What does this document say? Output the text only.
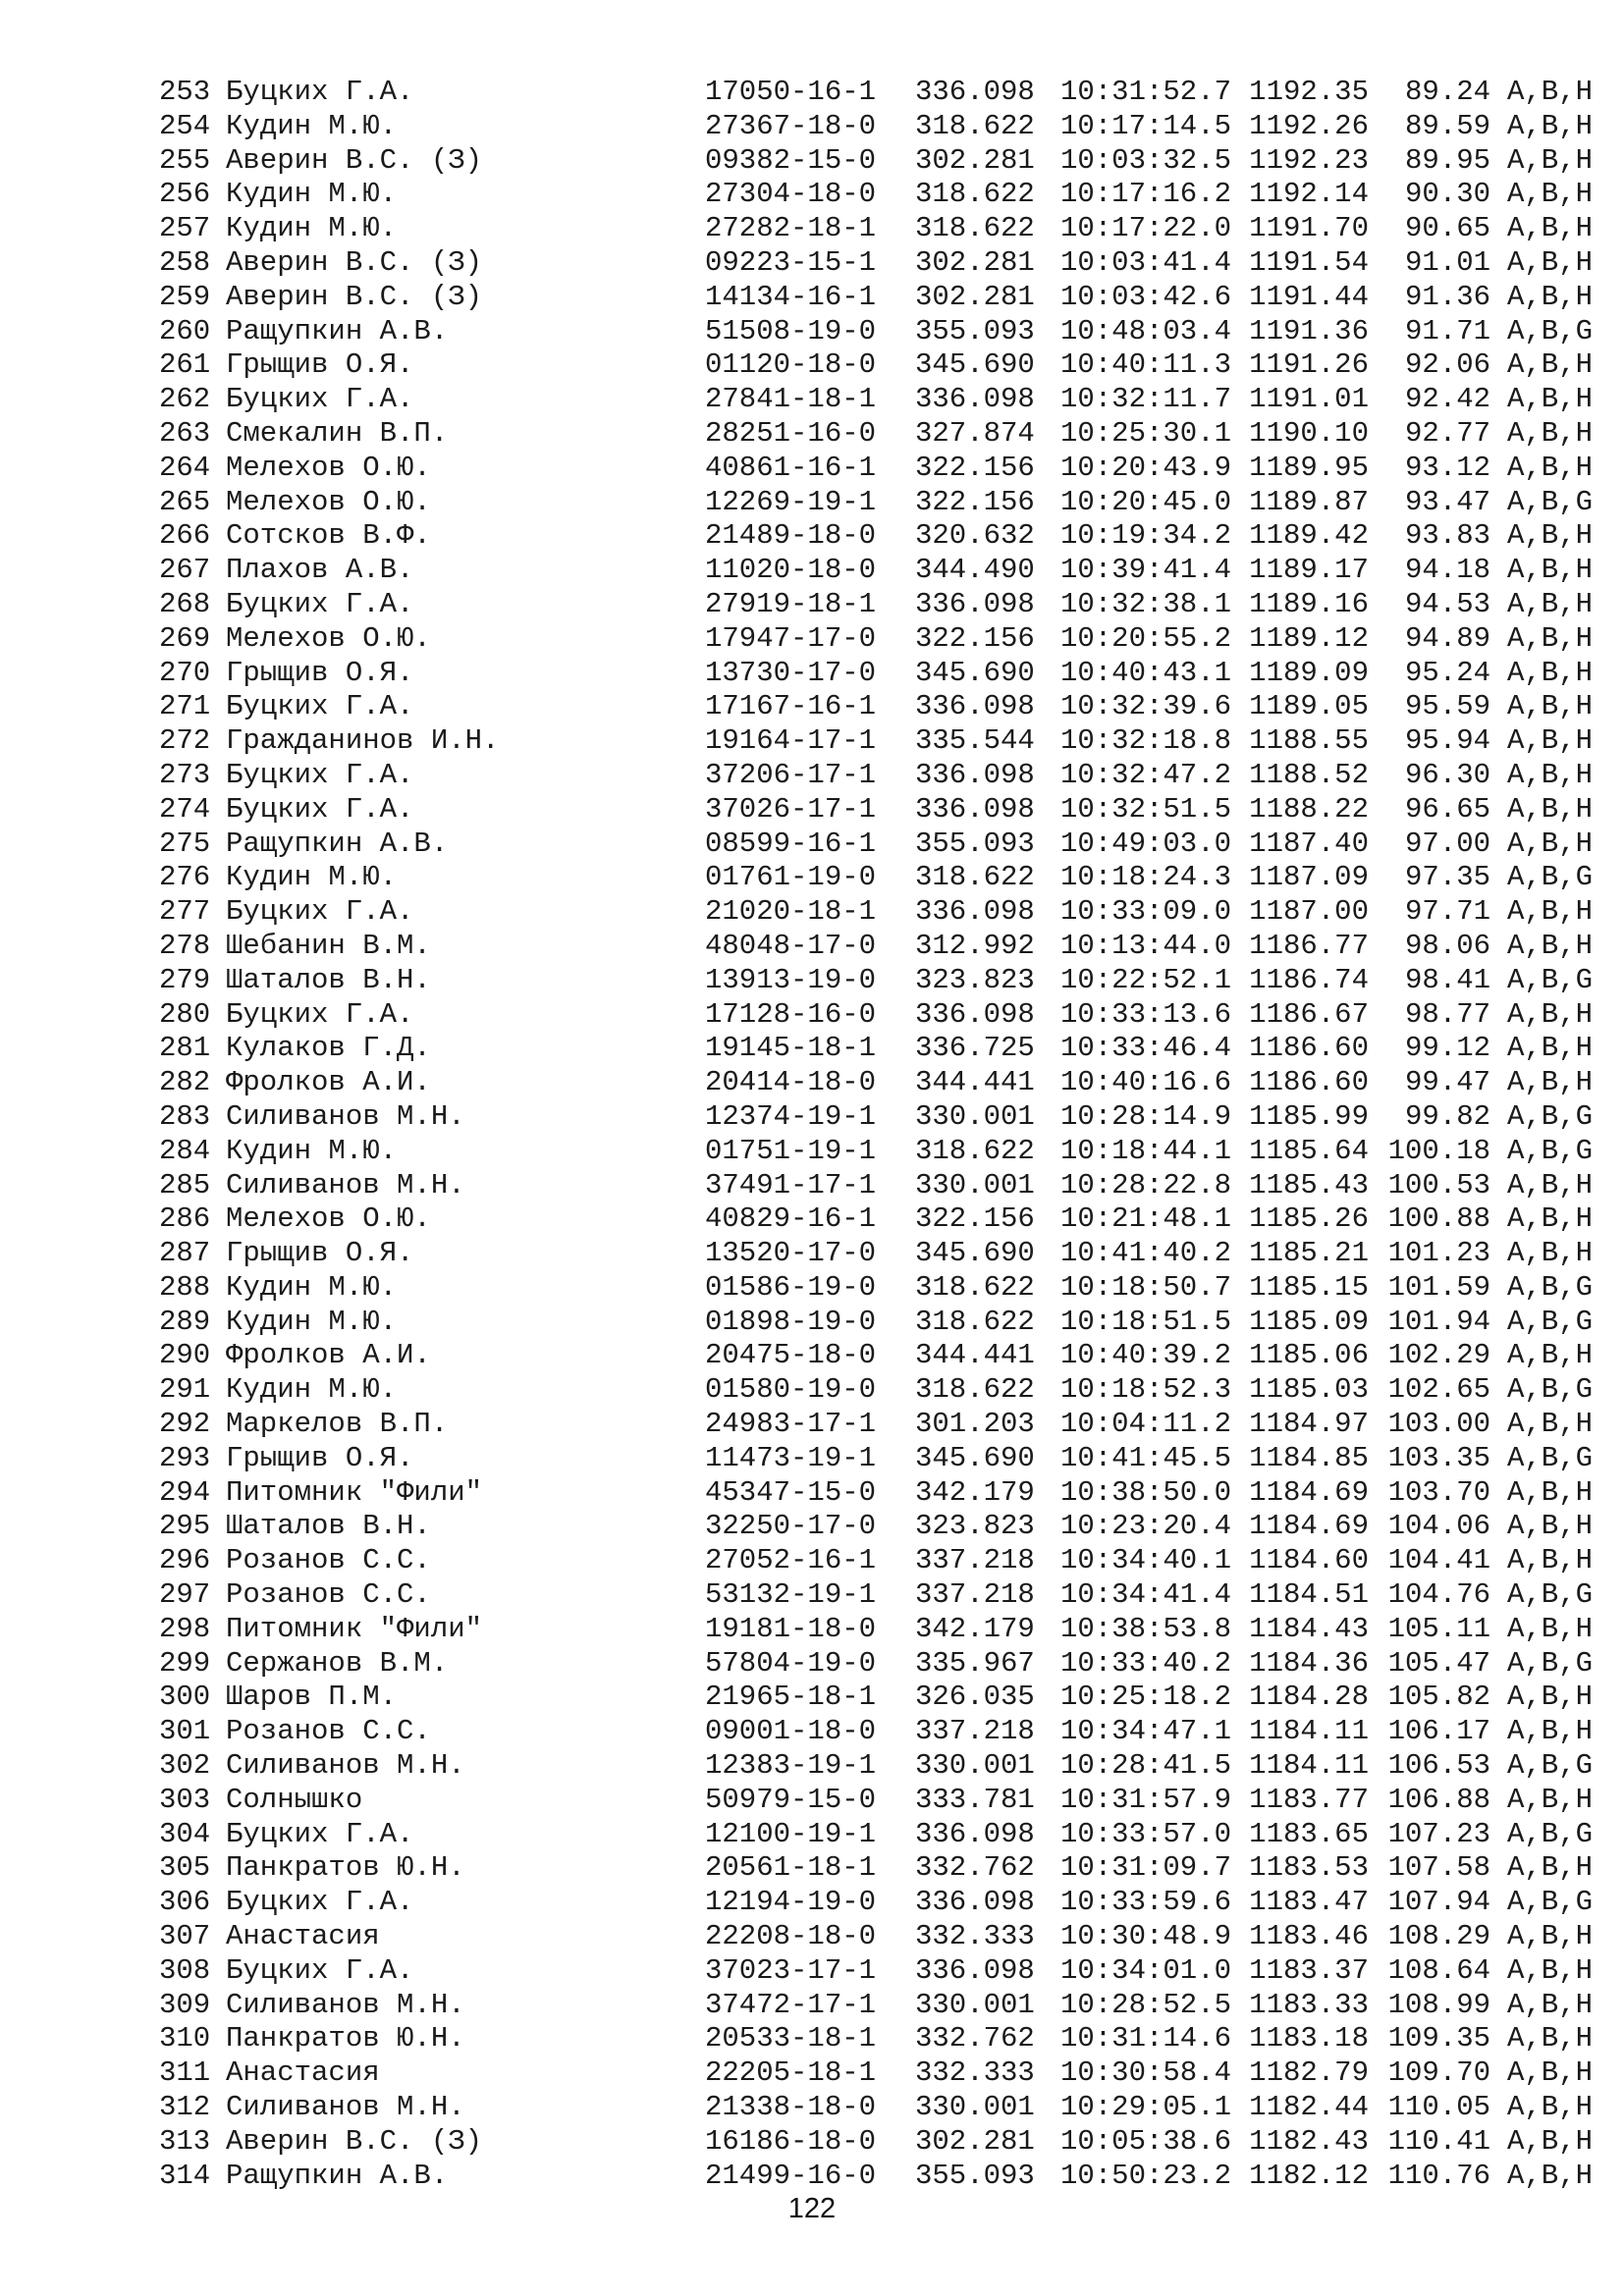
253 Буцких Г.А.	17050-16-1 336.098 10:31:52.7 1192.35 89.24 A,B,H
254 Кудин М.Ю.	27367-18-0 318.622 10:17:14.5 1192.26 89.59 A,B,H
255 Аверин В.С. (З)	09382-15-0 302.281 10:03:32.5 1192.23 89.95 A,B,H
256 Кудин М.Ю.	27304-18-0 318.622 10:17:16.2 1192.14 90.30 A,B,H
257 Кудин М.Ю.	27282-18-1 318.622 10:17:22.0 1191.70 90.65 A,B,H
258 Аверин В.С. (З)	09223-15-1 302.281 10:03:41.4 1191.54 91.01 A,B,H
259 Аверин В.С. (З)	14134-16-1 302.281 10:03:42.6 1191.44 91.36 A,B,H
260 Ращупкин А.В.	51508-19-0 355.093 10:48:03.4 1191.36 91.71 A,B,G
261 Грыщив О.Я.	01120-18-0 345.690 10:40:11.3 1191.26 92.06 A,B,H
262 Буцких Г.А.	27841-18-1 336.098 10:32:11.7 1191.01 92.42 A,B,H
263 Смекалин В.П.	28251-16-0 327.874 10:25:30.1 1190.10 92.77 A,B,H
264 Мелехов О.Ю.	40861-16-1 322.156 10:20:43.9 1189.95 93.12 A,B,H
265 Мелехов О.Ю.	12269-19-1 322.156 10:20:45.0 1189.87 93.47 A,B,G
266 Сотсков В.Ф.	21489-18-0 320.632 10:19:34.2 1189.42 93.83 A,B,H
267 Плахов А.В.	11020-18-0 344.490 10:39:41.4 1189.17 94.18 A,B,H
268 Буцких Г.А.	27919-18-1 336.098 10:32:38.1 1189.16 94.53 A,B,H
269 Мелехов О.Ю.	17947-17-0 322.156 10:20:55.2 1189.12 94.89 A,B,H
270 Грыщив О.Я.	13730-17-0 345.690 10:40:43.1 1189.09 95.24 A,B,H
271 Буцких Г.А.	17167-16-1 336.098 10:32:39.6 1189.05 95.59 A,B,H
272 Гражданинов И.Н.	19164-17-1 335.544 10:32:18.8 1188.55 95.94 A,B,H
273 Буцких Г.А.	37206-17-1 336.098 10:32:47.2 1188.52 96.30 A,B,H
274 Буцких Г.А.	37026-17-1 336.098 10:32:51.5 1188.22 96.65 A,B,H
275 Ращупкин А.В.	08599-16-1 355.093 10:49:03.0 1187.40 97.00 A,B,H
276 Кудин М.Ю.	01761-19-0 318.622 10:18:24.3 1187.09 97.35 A,B,G
277 Буцких Г.А.	21020-18-1 336.098 10:33:09.0 1187.00 97.71 A,B,H
278 Шебанин В.М.	48048-17-0 312.992 10:13:44.0 1186.77 98.06 A,B,H
279 Шаталов В.Н.	13913-19-0 323.823 10:22:52.1 1186.74 98.41 A,B,G
280 Буцких Г.А.	17128-16-0 336.098 10:33:13.6 1186.67 98.77 A,B,H
281 Кулаков Г.Д.	19145-18-1 336.725 10:33:46.4 1186.60 99.12 A,B,H
282 Фролков А.И.	20414-18-0 344.441 10:40:16.6 1186.60 99.47 A,B,H
283 Силиванов М.Н.	12374-19-1 330.001 10:28:14.9 1185.99 99.82 A,B,G
284 Кудин М.Ю.	01751-19-1 318.622 10:18:44.1 1185.64 100.18 A,B,G
285 Силиванов М.Н.	37491-17-1 330.001 10:28:22.8 1185.43 100.53 A,B,H
286 Мелехов О.Ю.	40829-16-1 322.156 10:21:48.1 1185.26 100.88 A,B,H
287 Грыщив О.Я.	13520-17-0 345.690 10:41:40.2 1185.21 101.23 A,B,H
288 Кудин М.Ю.	01586-19-0 318.622 10:18:50.7 1185.15 101.59 A,B,G
289 Кудин М.Ю.	01898-19-0 318.622 10:18:51.5 1185.09 101.94 A,B,G
290 Фролков А.И.	20475-18-0 344.441 10:40:39.2 1185.06 102.29 A,B,H
291 Кудин М.Ю.	01580-19-0 318.622 10:18:52.3 1185.03 102.65 A,B,G
292 Маркелов В.П.	24983-17-1 301.203 10:04:11.2 1184.97 103.00 A,B,H
293 Грыщив О.Я.	11473-19-1 345.690 10:41:45.5 1184.85 103.35 A,B,G
294 Питомник "Фили"	45347-15-0 342.179 10:38:50.0 1184.69 103.70 A,B,H
295 Шаталов В.Н.	32250-17-0 323.823 10:23:20.4 1184.69 104.06 A,B,H
296 Розанов С.С.	27052-16-1 337.218 10:34:40.1 1184.60 104.41 A,B,H
297 Розанов С.С.	53132-19-1 337.218 10:34:41.4 1184.51 104.76 A,B,G
298 Питомник "Фили"	19181-18-0 342.179 10:38:53.8 1184.43 105.11 A,B,H
299 Сержанов В.М.	57804-19-0 335.967 10:33:40.2 1184.36 105.47 A,B,G
300 Шаров П.М.	21965-18-1 326.035 10:25:18.2 1184.28 105.82 A,B,H
301 Розанов С.С.	09001-18-0 337.218 10:34:47.1 1184.11 106.17 A,B,H
302 Силиванов М.Н.	12383-19-1 330.001 10:28:41.5 1184.11 106.53 A,B,G
303 Солнышко	50979-15-0 333.781 10:31:57.9 1183.77 106.88 A,B,H
304 Буцких Г.А.	12100-19-1 336.098 10:33:57.0 1183.65 107.23 A,B,G
305 Панкратов Ю.Н.	20561-18-1 332.762 10:31:09.7 1183.53 107.58 A,B,H
306 Буцких Г.А.	12194-19-0 336.098 10:33:59.6 1183.47 107.94 A,B,G
307 Анастасия	22208-18-0 332.333 10:30:48.9 1183.46 108.29 A,B,H
308 Буцких Г.А.	37023-17-1 336.098 10:34:01.0 1183.37 108.64 A,B,H
309 Силиванов М.Н.	37472-17-1 330.001 10:28:52.5 1183.33 108.99 A,B,H
310 Панкратов Ю.Н.	20533-18-1 332.762 10:31:14.6 1183.18 109.35 A,B,H
311 Анастасия	22205-18-1 332.333 10:30:58.4 1182.79 109.70 A,B,H
312 Силиванов М.Н.	21338-18-0 330.001 10:29:05.1 1182.44 110.05 A,B,H
313 Аверин В.С. (З)	16186-18-0 302.281 10:05:38.6 1182.43 110.41 A,B,H
314 Ращупкин А.В.	21499-16-0 355.093 10:50:23.2 1182.12 110.76 A,B,H
122
